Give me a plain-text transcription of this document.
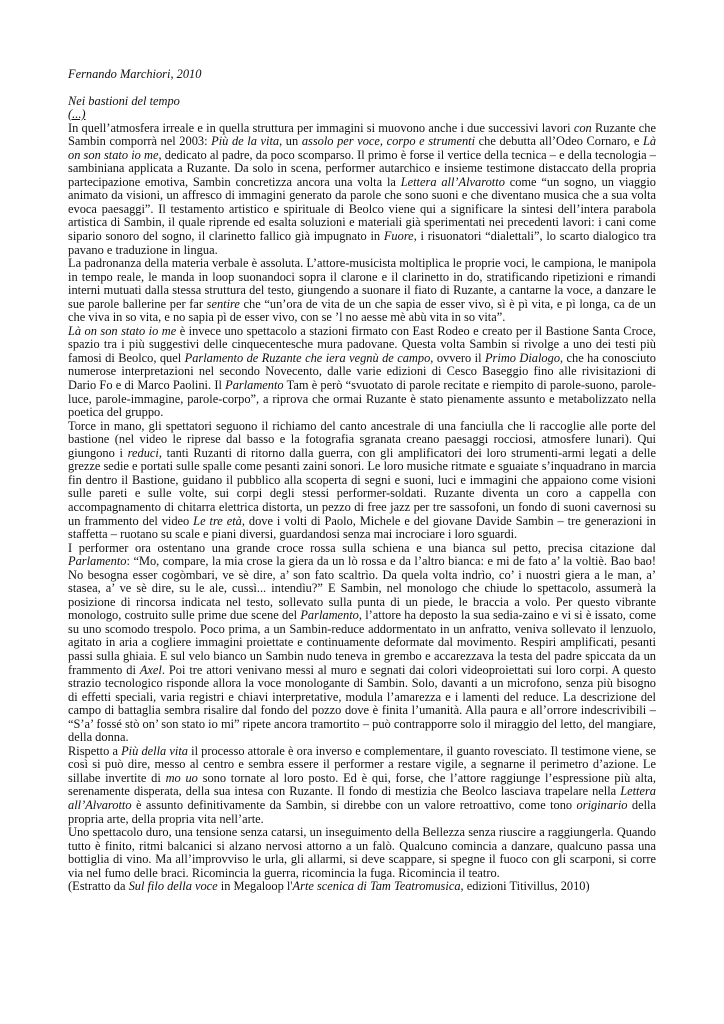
Fernando Marchiori, 2010

Nei bastioni del tempo

(...)

In quell’atmosfera irreale e in quella struttura per immagini si muovono anche i due successivi lavori con Ruzante che Sambin comporrà nel 2003: Più de la vita, un assolo per voce, corpo e strumenti che debutta all’Odeo Cornaro, e Là on son stato io me, dedicato al padre, da poco scomparso. Il primo è forse il vertice della tecnica – e della tecnologia – sambiniana applicata a Ruzante. Da solo in scena, performer autarchico e insieme testimone distaccato della propria partecipazione emotiva, Sambin concretizza ancora una volta la Lettera all’Alvarotto come “un sogno, un viaggio animato da visioni, un affresco di immagini generato da parole che sono suoni e che diventano musica che a sua volta evoca paesaggi”. Il testamento artistico e spirituale di Beolco viene qui a significare la sintesi dell’intera parabola artistica di Sambin, il quale riprende ed esalta soluzioni e materiali già sperimentati nei precedenti lavori: i cani come sipario sonoro del sogno, il clarinetto fallico già impugnato in Fuore, i risuonatori “dialettali”, lo scarto dialogico tra pavano e traduzione in lingua.

La padronanza della materia verbale è assoluta. L’attore-musicista moltiplica le proprie voci, le campiona, le manipola in tempo reale, le manda in loop suonandoci sopra il clarone e il clarinetto in do, stratificando ripetizioni e rimandi interni mutuati dalla stessa struttura del testo, giungendo a suonare il fiato di Ruzante, a cantarne la voce, a danzare le sue parole ballerine per far sentire che “un’ora de vita de un che sapia de esser vivo, sì è pì vita, e pì longa, ca de un che viva in so vita, e no sapia pì de esser vivo, con se ’l no aesse mè abù vita in so vita”.

Là on son stato io me è invece uno spettacolo a stazioni firmato con East Rodeo e creato per il Bastione Santa Croce, spazio tra i più suggestivi delle cinquecentesche mura padovane. Questa volta Sambin si rivolge a uno dei testi più famosi di Beolco, quel Parlamento de Ruzante che iera vegnù de campo, ovvero il Primo Dialogo, che ha conosciuto numerose interpretazioni nel secondo Novecento, dalle varie edizioni di Cesco Baseggio fino alle rivisitazioni di Dario Fo e di Marco Paolini. Il Parlamento Tam è però “svuotato di parole recitate e riempito di parole-suono, parole-luce, parole-immagine, parole-corpo”, a riprova che ormai Ruzante è stato pienamente assunto e metabolizzato nella poetica del gruppo.

Torce in mano, gli spettatori seguono il richiamo del canto ancestrale di una fanciulla che li raccoglie alle porte del bastione (nel video le riprese dal basso e la fotografia sgranata creano paesaggi rocciosi, atmosfere lunari). Qui giungono i reduci, tanti Ruzanti di ritorno dalla guerra, con gli amplificatori dei loro strumenti-armi legati a delle grezze sedie e portati sulle spalle come pesanti zaini sonori. Le loro musiche ritmate e sguaiate s’inquadrano in marcia fin dentro il Bastione, guidano il pubblico alla scoperta di segni e suoni, luci e immagini che appaiono come visioni sulle pareti e sulle volte, sui corpi degli stessi performer-soldati. Ruzante diventa un coro a cappella con accompagnamento di chitarra elettrica distorta, un pezzo di free jazz per tre sassofoni, un fondo di suoni cavernosi su un frammento del video Le tre età, dove i volti di Paolo, Michele e del giovane Davide Sambin – tre generazioni in staffetta – ruotano su scale e piani diversi, guardandosi senza mai incrociare i loro sguardi.

I performer ora ostentano una grande croce rossa sulla schiena e una bianca sul petto, precisa citazione dal Parlamento: “Mo, compare, la mia crose la giera da un lò rossa e da l’altro bianca: e mi de fato a’ la voltiè. Bao bao! No besogna esser cogòmbari, ve sè dire, a’ son fato scaltrìo. Da quela volta indrìo, co’ i nuostri giera a le man, a’ stasea, a’ ve sè dire, su le ale, cussì... intendìu?” E Sambin, nel monologo che chiude lo spettacolo, assumerà la posizione di rincorsa indicata nel testo, sollevato sulla punta di un piede, le braccia a volo. Per questo vibrante monologo, costruito sulle prime due scene del Parlamento, l’attore ha deposto la sua sedia-zaino e vi si è issato, come su uno scomodo trespolo. Poco prima, a un Sambin-reduce addormentato in un anfratto, veniva sollevato il lenzuolo, agitato in aria a cogliere immagini proiettate e continuamente deformate dal movimento. Respiri amplificati, pesanti passi sulla ghiaia. E sul velo bianco un Sambin nudo teneva in grembo e accarezzava la testa del padre spiccata da un frammento di Axel. Poi tre attori venivano messi al muro e segnati dai colori videoproiettati sui loro corpi. A questo strazio tecnologico risponde allora la voce monologante di Sambin. Solo, davanti a un microfono, senza più bisogno di effetti speciali, varia registri e chiavi interpretative, modula l’amarezza e i lamenti del reduce. La descrizione del campo di battaglia sembra risalire dal fondo del pozzo dove è finita l’umanità. Alla paura e all’orrore indescrivibili – “S’a’ fossé stò on’ son stato io mi” ripete ancora tramortito – può contrapporre solo il miraggio del letto, del mangiare, della donna.

Rispetto a Più della vita il processo attorale è ora inverso e complementare, il guanto rovesciato. Il testimone viene, se così si può dire, messo al centro e sembra essere il performer a restare vigile, a segnarne il perimetro d’azione. Le sillabe invertite di mo uo sono tornate al loro posto. Ed è qui, forse, che l’attore raggiunge l’espressione più alta, serenamente disperata, della sua intesa con Ruzante. Il fondo di mestizia che Beolco lasciava trapelare nella Lettera all’Alvarotto è assunto definitivamente da Sambin, si direbbe con un valore retroattivo, come tono originario della propria arte, della propria vita nell’arte.

Uno spettacolo duro, una tensione senza catarsi, un inseguimento della Bellezza senza riuscire a raggiungerla. Quando tutto è finito, ritmi balcanici si alzano nervosi attorno a un falò. Qualcuno comincia a danzare, qualcuno passa una bottiglia di vino. Ma all’improvviso le urla, gli allarmi, si deve scappare, si spegne il fuoco con gli scarponi, si corre via nel fumo delle braci. Ricomincia la guerra, ricomincia la fuga. Ricomincia il teatro.

(Estratto da Sul filo della voce in Megaloop l'Arte scenica di Tam Teatromusica, edizioni Titivillus, 2010)
